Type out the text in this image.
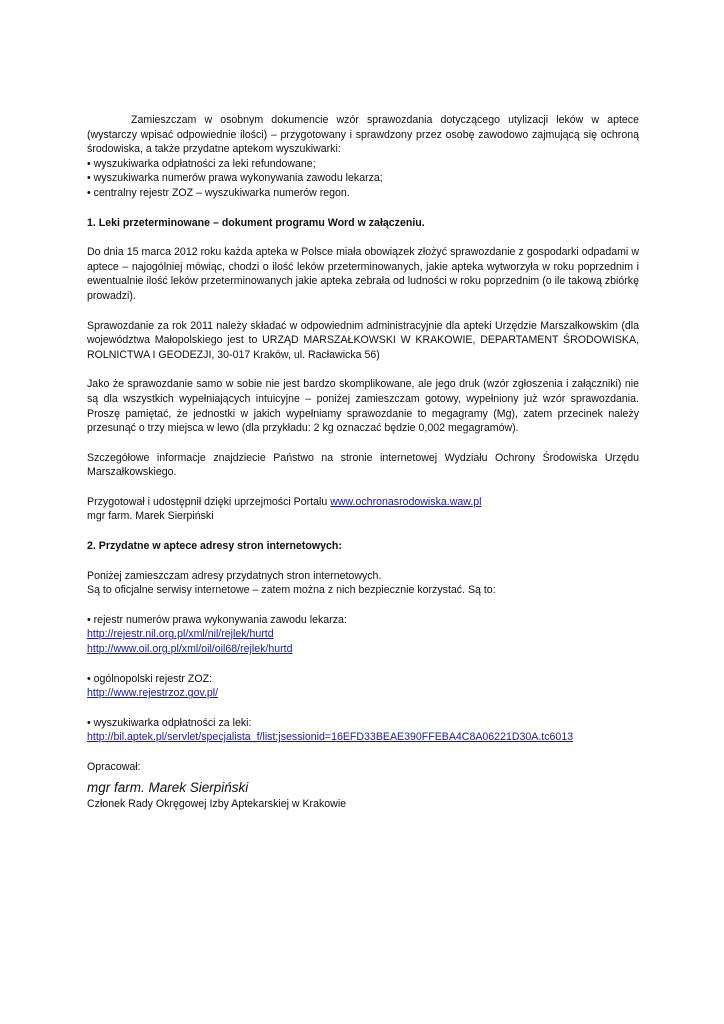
Zamieszczam w osobnym dokumencie wzór sprawozdania dotyczącego utylizacji leków w aptece (wystarczy wpisać odpowiednie ilości) – przygotowany i sprawdzony przez osobę zawodowo zajmującą się ochroną środowiska, a także przydatne aptekom wyszukiwarki:

• wyszukiwarka odpłatności za leki refundowane;

• wyszukiwarka numerów prawa wykonywania zawodu lekarza;

• centralny rejestr ZOZ – wyszukiwarka numerów regon.

1. Leki przeterminowane – dokument programu Word w załączeniu.

Do dnia 15 marca 2012 roku każda apteka w Polsce miała obowiązek złożyć sprawozdanie z gospodarki odpadami w aptece – najogólniej mówiąc, chodzi o ilość leków przeterminowanych, jakie apteka wytworzyła w roku poprzednim i ewentualnie ilość leków przeterminowanych jakie apteka zebrała od ludności w roku poprzednim (o ile takową zbiórkę prowadzi).

Sprawozdanie za rok 2011 należy składać w odpowiednim administracyjnie dla apteki Urzędzie Marszałkowskim (dla województwa Małopolskiego jest to URZĄD MARSZAŁKOWSKI W KRAKOWIE, DEPARTAMENT ŚRODOWISKA, ROLNICTWA I GEODEZJI, 30-017 Kraków, ul. Racławicka 56)

Jako że sprawozdanie samo w sobie nie jest bardzo skomplikowane, ale jego druk (wzór zgłoszenia i załączniki) nie są dla wszystkich wypełniających intuicyjne – poniżej zamieszczam gotowy, wypełniony już wzór sprawozdania. Proszę pamiętać, że jednostki w jakich wypełniamy sprawozdanie to megagramy (Mg), zatem przecinek należy przesunąć o trzy miejsca w lewo (dla przykładu: 2 kg oznaczać będzie 0,002 megagramów).

Szczegółowe informacje znajdziecie Państwo na stronie internetowej Wydziału Ochrony Środowiska Urzędu Marszałkowskiego.

Przygotował i udostępnił dzięki uprzejmości Portalu www.ochronasrodowiska.waw.pl

mgr farm. Marek Sierpiński

2. Przydatne w aptece adresy stron internetowych:

Poniżej zamieszczam adresy przydatnych stron internetowych.

Są to oficjalne serwisy internetowe – zatem można z nich bezpiecznie korzystać. Są to:

• rejestr numerów prawa wykonywania zawodu lekarza:

http://rejestr.nil.org.pl/xml/nil/rejlek/hurtd

http://www.oil.org.pl/xml/oil/oil68/rejlek/hurtd

• ogólnopolski rejestr ZOZ:

http://www.rejestrzoz.gov.pl/

• wyszukiwarka odpłatności za leki:

http://bil.aptek.pl/servlet/specjalista_f/list;jsessionid=16EFD33BEAE390FFEBA4C8A06221D30A.tc6013

Opracował:

mgr farm. Marek Sierpiński

Członek Rady Okręgowej Izby Aptekarskiej w Krakowie
